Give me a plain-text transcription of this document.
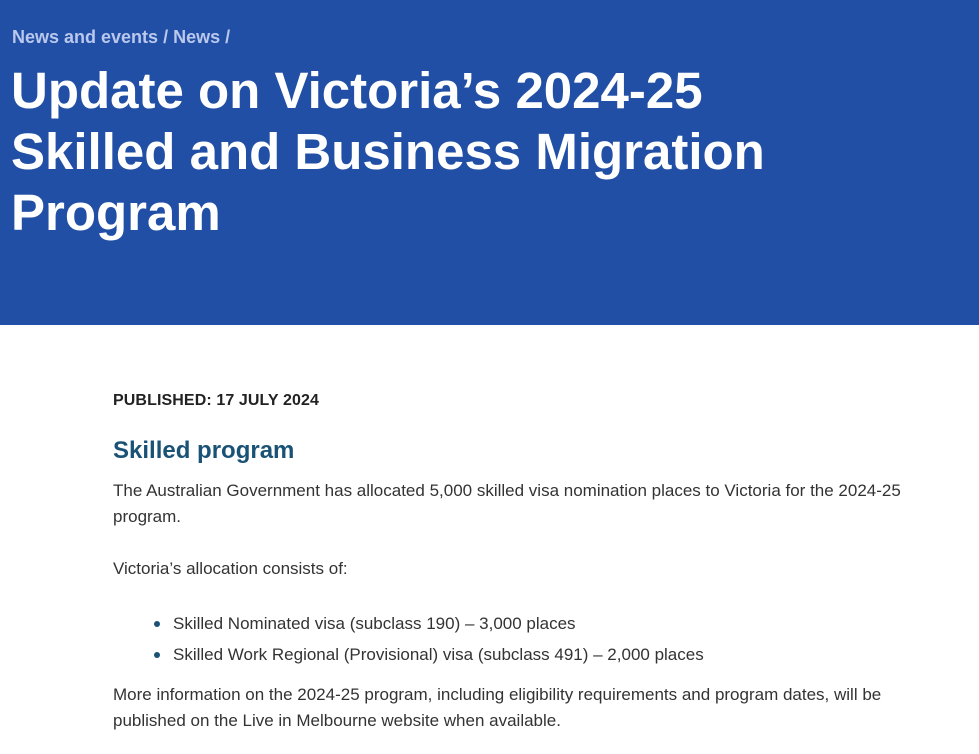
News and events / News /
Update on Victoria’s 2024-25 Skilled and Business Migration Program

PUBLISHED: 17 JULY 2024

Skilled program

The Australian Government has allocated 5,000 skilled visa nomination places to Victoria for the 2024-25 program.

Victoria’s allocation consists of:

Skilled Nominated visa (subclass 190) – 3,000 places
Skilled Work Regional (Provisional) visa (subclass 491) – 2,000 places

More information on the 2024-25 program, including eligibility requirements and program dates, will be published on the Live in Melbourne website when available.
